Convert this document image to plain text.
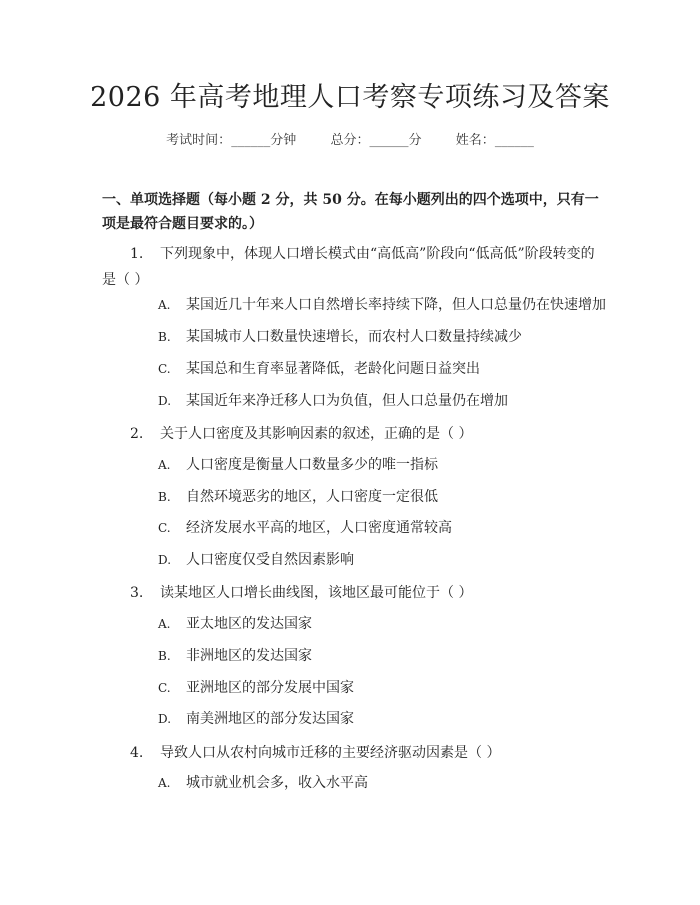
2026 年高考地理人口考察专项练习及答案
考试时间：______分钟	总分：______分	姓名：______
一、单项选择题（每小题 2 分，共 50 分。在每小题列出的四个选项中，只有一项是最符合题目要求的。）
1. 下列现象中，体现人口增长模式由“高低高”阶段向“低高低”阶段转变的是（ ）
A. 某国近几十年来人口自然增长率持续下降，但人口总量仍在快速增加
B. 某国城市人口数量快速增长，而农村人口数量持续减少
C. 某国总和生育率显著降低，老龄化问题日益突出
D. 某国近年来净迁移人口为负值，但人口总量仍在增加
2. 关于人口密度及其影响因素的叙述，正确的是（ ）
A. 人口密度是衡量人口数量多少的唯一指标
B. 自然环境恶劣的地区，人口密度一定很低
C. 经济发展水平高的地区，人口密度通常较高
D. 人口密度仅受自然因素影响
3. 读某地区人口增长曲线图，该地区最可能位于（ ）
A. 亚太地区的发达国家
B. 非洲地区的发达国家
C. 亚洲地区的部分发展中国家
D. 南美洲地区的部分发达国家
4. 导致人口从农村向城市迁移的主要经济驱动因素是（ ）
A. 城市就业机会多，收入水平高
